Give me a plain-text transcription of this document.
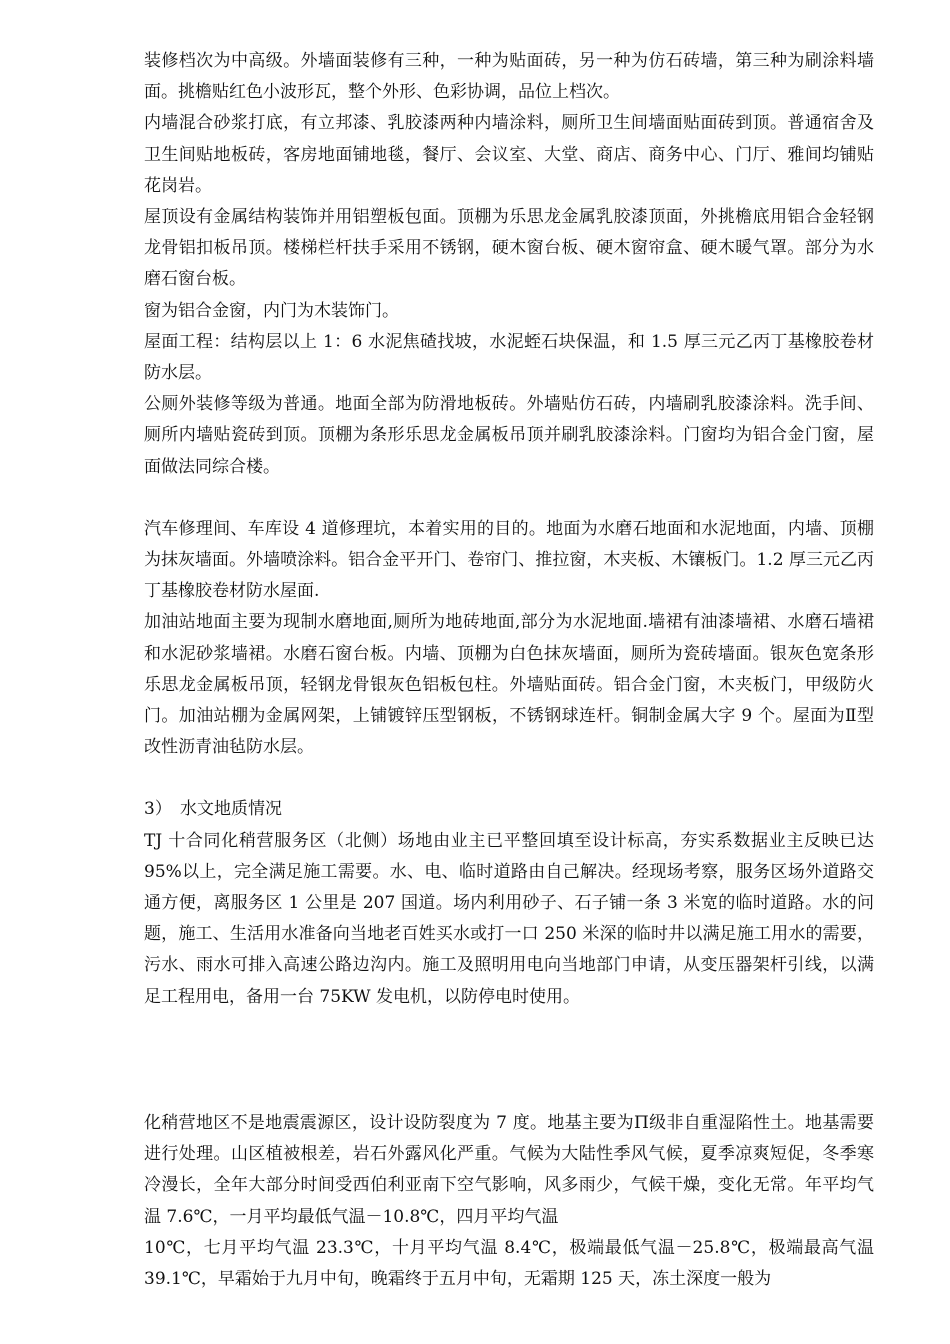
装修档次为中高级。外墙面装修有三种，一种为贴面砖，另一种为仿石砖墙，第三种为刷涂料墙面。挑檐贴红色小波形瓦，整个外形、色彩协调，品位上档次。

内墙混合砂浆打底，有立邦漆、乳胶漆两种内墙涂料，厕所卫生间墙面贴面砖到顶。普通宿舍及卫生间贴地板砖，客房地面铺地毯，餐厅、会议室、大堂、商店、商务中心、门厅、雅间均铺贴花岗岩。

屋顶设有金属结构装饰并用铝塑板包面。顶棚为乐思龙金属乳胶漆顶面，外挑檐底用铝合金轻钢龙骨铝扣板吊顶。楼梯栏杆扶手采用不锈钢，硬木窗台板、硬木窗帘盒、硬木暖气罩。部分为水磨石窗台板。

窗为铝合金窗，内门为木装饰门。

屋面工程：结构层以上 1：6 水泥焦碴找坡，水泥蛭石块保温，和 1.5 厚三元乙丙丁基橡胶卷材防水层。

公厕外装修等级为普通。地面全部为防滑地板砖。外墙贴仿石砖，内墙刷乳胶漆涂料。洗手间、厕所内墙贴瓷砖到顶。顶棚为条形乐思龙金属板吊顶并刷乳胶漆涂料。门窗均为铝合金门窗，屋面做法同综合楼。

汽车修理间、车库设 4 道修理坑，本着实用的目的。地面为水磨石地面和水泥地面，内墙、顶棚为抹灰墙面。外墙喷涂料。铝合金平开门、卷帘门、推拉窗，木夹板、木镶板门。1.2 厚三元乙丙丁基橡胶卷材防水屋面.

加油站地面主要为现制水磨地面,厕所为地砖地面,部分为水泥地面.墙裙有油漆墙裙、水磨石墙裙和水泥砂浆墙裙。水磨石窗台板。内墙、顶棚为白色抹灰墙面，厕所为瓷砖墙面。银灰色宽条形乐思龙金属板吊顶，轻钢龙骨银灰色铝板包柱。外墙贴面砖。铝合金门窗，木夹板门，甲级防火门。加油站棚为金属网架，上铺镀锌压型钢板，不锈钢球连杆。铜制金属大字 9 个。屋面为Ⅱ型改性沥青油毡防水层。

3） 水文地质情况

TJ 十合同化稍营服务区（北侧）场地由业主已平整回填至设计标高，夯实系数据业主反映已达 95%以上，完全满足施工需要。水、电、临时道路由自己解决。经现场考察，服务区场外道路交通方便，离服务区 1 公里是 207 国道。场内利用砂子、石子铺一条 3 米宽的临时道路。水的问题，施工、生活用水准备向当地老百姓买水或打一口 250 米深的临时井以满足施工用水的需要，污水、雨水可排入高速公路边沟内。施工及照明用电向当地部门申请，从变压器架杆引线，以满足工程用电，备用一台 75KW 发电机，以防停电时使用。

化稍营地区不是地震震源区，设计设防裂度为 7 度。地基主要为П级非自重湿陷性土。地基需要进行处理。山区植被根差，岩石外露风化严重。气候为大陆性季风气候，夏季凉爽短促，冬季寒冷漫长，全年大部分时间受西伯利亚南下空气影响，风多雨少，气候干燥，变化无常。年平均气温 7.6℃，一月平均最低气温－10.8℃，四月平均气温

10℃，七月平均气温 23.3℃，十月平均气温 8.4℃，极端最低气温－25.8℃，极端最高气温 39.1℃，早霜始于九月中旬，晚霜终于五月中旬，无霜期 125 天，冻土深度一般为
